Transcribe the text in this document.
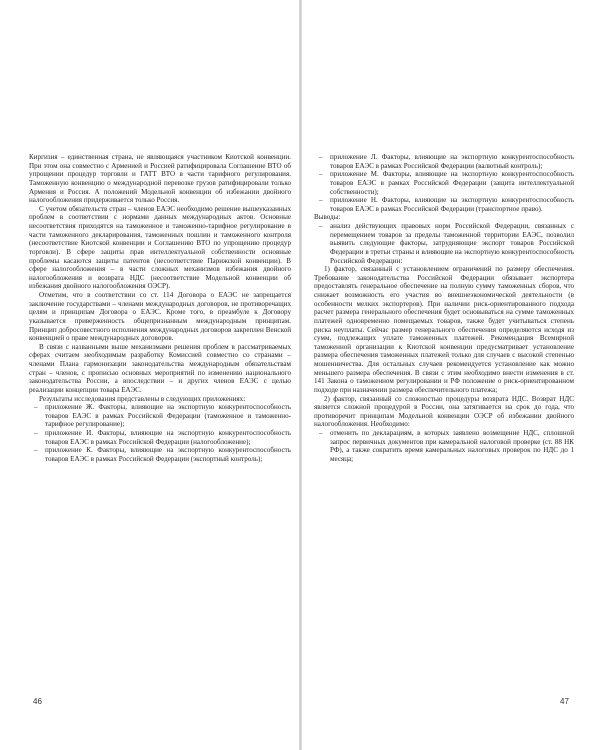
Киргизия – единственная страна, не являющаяся участником Киотской конвенции. При этом она совместно с Арменией и Россией ратифицировала Соглашение ВТО об упрощении процедур торговли и ГАТТ ВТО в части тарифного регулирования. Таможенную конвенцию о международной перевозке грузов ратифицировали только Армения и Россия. А положений Модельной конвенции об избежании двойного налогообложения придерживается только Россия.

С учетом обязательств стран – членов ЕАЭС необходимо решение вышеуказанных проблем в соответствии с нормами данных международных актов. Основные несоответствия приходятся на таможенное и таможенно-тарифное регулирование в части таможенного декларирования, таможенных пошлин и таможенного контроля (несоответствие Киотской конвенции и Соглашению ВТО по упрощению процедур торговли). В сфере защиты прав интеллектуальной собственности основные проблемы касаются защиты патентов (несоответствие Парижской конвенции). В сфере налогообложения – в части сложных механизмов избежания двойного налогообложения и возврата НДС (несоответствие Модельной конвенции об избежания двойного налогообложения ОЭСР).

Отметим, что в соответствии со ст. 114 Договора о ЕАЭС не запрещается заключение государствами – членами международных договоров, не противоречащих целям и принципам Договора о ЕАЭС. Кроме того, в преамбуле к Договору указывается приверженность общепризнанным международным принципам. Принцип добросовестного исполнения международных договоров закреплен Венской конвенцией о праве международных договоров.

В связи с названными выше механизмами решения проблем в рассматриваемых сферах считаем необходимым разработку Комиссией совместно со странами – членами Плана гармонизации законодательства международным обязательствам стран – членов, с прописью основных мероприятий по изменению национального законодательства России, а впоследствии – и других членов ЕАЭС с целью реализации концепции товара ЕАЭС.

Результаты исследования представлены в следующих приложениях:

– приложение Ж. Факторы, влияющие на экспортную конкурентоспособность товаров ЕАЭС в рамках Российской Федерации (таможенное и таможенно-тарифное регулирование);

– приложение И. Факторы, влияющие на экспортную конкурентоспособность товаров ЕАЭС в рамках Российской Федерации (налогообложение);

– приложение К. Факторы, влияющие на экспортную конкурентоспособность товаров ЕАЭС в рамках Российской Федерации (экспортный контроль);

– приложение Л. Факторы, влияющие на экспортную конкурентоспособность товаров ЕАЭС в рамках Российской Федерации (валютный контроль);

– приложение М. Факторы, влияющие на экспортную конкурентоспособность товаров ЕАЭС в рамках Российской Федерации (защита интеллектуальной собственности);

– приложение Н. Факторы, влияющие на экспортную конкурентоспособность товаров ЕАЭС в рамках Российской Федерации (транспортное право).

Выводы:

– анализ действующих правовых норм Российской Федерации, связанных с перемещением товаров за пределы таможенной территории ЕАЭС, позволил выявить следующие факторы, затрудняющие экспорт товаров Российской Федерации в третьи страны и влияющие на экспортную конкурентоспособность Российской Федерации:

1) фактор, связанный с установлением ограничений по размеру обеспечения. Требование законодательства Российской Федерации обязывает экспортера предоставлять генеральное обеспечение на полную сумму таможенных сборов, что снижает возможность его участия во внешнеэкономической деятельности (в особенности мелких экспортеров). При наличии риск-ориентированного подхода расчет размера генерального обеспечения будет основываться на сумме таможенных платежей одновременно помещаемых товаров, также будет учитываться степень риска неуплаты. Сейчас размер генерального обеспечения определяются исходя из сумм, подлежащих уплате таможенных платежей. Рекомендация Всемирной таможенной организации к Киотской конвенции предусматривает установление размера обеспечения таможенных платежей только для случаев с высокой степенью мошенничества. Для остальных случаев рекомендуется установление как можно меньшего размера обеспечения. В связи с этим необходимо внести изменения в ст. 141 Закона о таможенном регулировании и РФ положение о риск-ориентированном подходе при назначении размера обеспечительного платежа;

2) фактор, связанный со сложностью процедуры возврата НДС. Возврат НДС является сложной процедурой в России, она затягивается на срок до года, что противоречит принципам Модельной конвенции ОЭСР об избежании двойного налогообложения. Необходимо:

– отменить по декларациям, в которых заявлено возмещение НДС, сплошной запрос первичных документов при камеральной налоговой проверке (ст. 88 НК РФ), а также сократить время камеральных налоговых проверок по НДС до 1 месяца;

46	47
